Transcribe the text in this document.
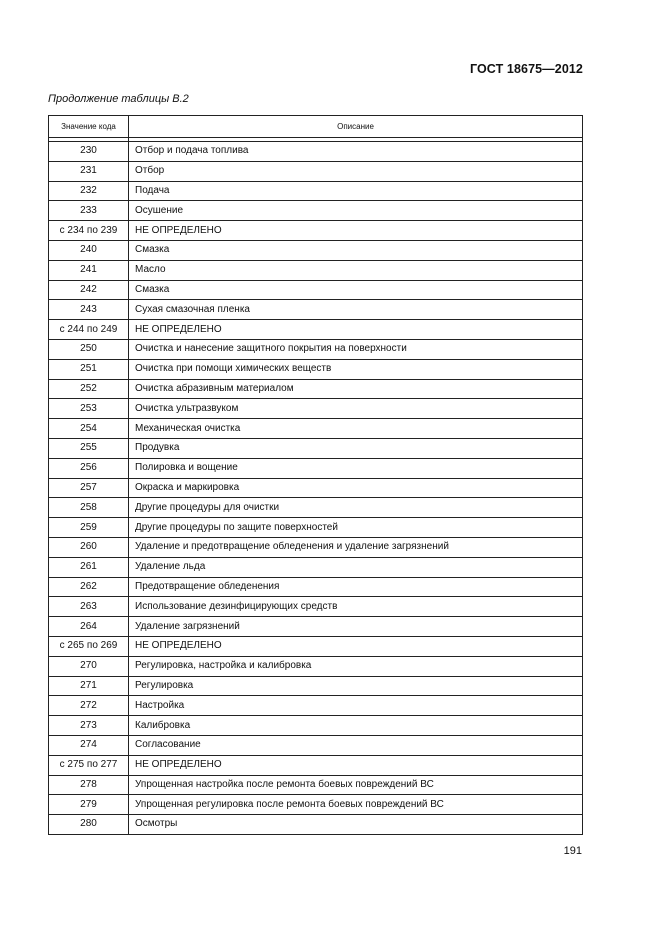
ГОСТ 18675—2012
Продолжение таблицы В.2
Значение кода	Описание

230	Отбор и подача топлива
231	Отбор
232	Подача
233	Осушение
с 234 по 239	НЕ ОПРЕДЕЛЕНО
240	Смазка
241	Масло
242	Смазка
243	Сухая смазочная пленка
с 244 по 249	НЕ ОПРЕДЕЛЕНО
250	Очистка и нанесение защитного покрытия на поверхности
251	Очистка при помощи химических веществ
252	Очистка абразивным материалом
253	Очистка ультразвуком
254	Механическая очистка
255	Продувка
256	Полировка и вощение
257	Окраска и маркировка
258	Другие процедуры для очистки
259	Другие процедуры по защите поверхностей
260	Удаление и предотвращение обледенения и удаление загрязнений
261	Удаление льда
262	Предотвращение обледенения
263	Использование дезинфицирующих средств
264	Удаление загрязнений
с 265 по 269	НЕ ОПРЕДЕЛЕНО
270	Регулировка, настройка и калибровка
271	Регулировка
272	Настройка
273	Калибровка
274	Согласование
с 275 по 277	НЕ ОПРЕДЕЛЕНО
278	Упрощенная настройка после ремонта боевых повреждений ВС
279	Упрощенная регулировка после ремонта боевых повреждений ВС
280	Осмотры
191
